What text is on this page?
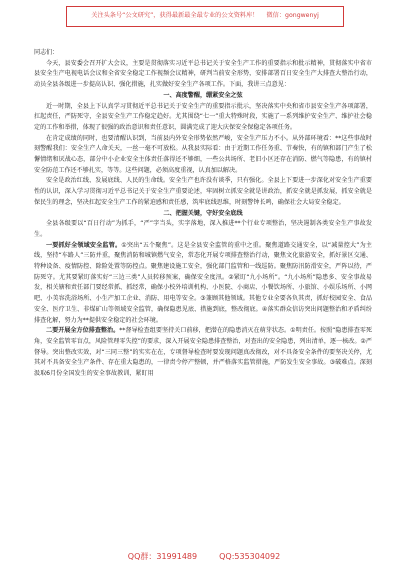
关注头条号“公文研究”，获得最新最全最专业的公文资料库！ 微信：gongwenyj

同志们：

今天，县安委会召开扩大会议，主要是贯彻落实习近平总书记关于安全生产工作的重要指示和批示精神，贯彻落实中省市县安全生产电视电话会议和全省安全稳定工作视频会议精神，研判当前安全形势，安排部署百日安全生产大排查大整治行动，动员全县各级进一步提高认识、强化措施，扎实做好安全生产各项工作。下面，我讲三点意见：

一、高度警醒，绷紧安全之弦

近一时期，全县上下认真学习贯彻近平总书记关于安全生产的重要指示批示，坚决落实中央和省市县安全生产各项部署，扛起责任，严防死守，全县安全生产工作稳定趋好。尤其围绕“七一”重大特殊时段，实施了一系列维护安全生产、维护社会稳定的工作和举措，体现了很强的政治意识和责任意识，圆满完成了迎大庆保安全保稳定各项任务。

在肯定成绩的同时，也要清醒认识到，当前县内外安全形势依然严峻，安全生产压力不小。从外部环境看：**这些事故时刻警醒我们：安全生产人命关天，一丝一毫不可放松。从我县实际看：由于近期工作任务重、节奏快，有的镇和部门产生了松懈情绪和厌战心态，部分中小企业安全主体责任落得还不够细，一些公共场所、老旧小区还存在消防、燃气等隐患，有的镇村安全防范工作还不够扎实，等等。这些问题，必须高度重视，认真加以解决。

安全是政治红线、发展底线、人民的生命线。安全生产也许没有谈季，只有强化。全县上下要进一步深化对安全生产重要性的认识，深入学习贯彻习近平总书记关于安全生产重要论述，牢固树立抓安全就是讲政治，抓安全就是抓发展，抓安全就是保民生的理念，坚决扛起安全生产工作的紧迫感和责任感，筑牢底线思维，时刻警钟长鸣，确保社会大局安全稳定。

二、把握关键，守好安全底线

全县各级要以“百日行动”为抓手，“严”字当头，实字落地，深入推进**个行业专项整治，坚决遏制各类安全生产事故发生。

一要抓好全领域安全监管。①突出“五个聚焦”。这是全县安全监管的重中之重。聚焦道路交通安全，以“减量控大”为主线，坚持“车路人”三防并重，聚焦消防和城镇燃气安全，常态化开展专项排查整治行动，聚焦文化旅游安全，抓好景区交通、特种设备、疫情防控、除险处置等防控点。聚焦建设施工安全，强化部门监管和一线巡防。聚焦防汛防滑安全，严阵以待，严防死守。尤其要紧盯落实好“三边三类”人员转移预案，确保安全度汛。②紧盯“九小场所”。“九小场所”隐患多、安全事故易发，相关辖和责任部门要经常抓、抓经常，确保小校外培训机构、小医院、小商店、小餐饮场所、小旅馆、小娱乐场所、小网吧、小美容洗浴场所、小生产加工企业、消防、用电等安全。③兼顾其他领域。其他专业全要各负其责，抓好校园安全、食品安全、医疗卫生、非煤矿山等领域安全监管，确保隐患见底、措施到底，整改彻底。④落实群众信访突出问题整治和矛盾纠纷排查化解，努力为**提供安全稳定的社会环境。

二要开展全方位排查整治。**督导检查组要坚持关口前移，把潜在的隐患消灭在萌芽状态。①明责任。按照“隐患排查零死角，安全监管零盲点，风险管理零失控”的要求，深入开展安全隐患排查整治，对查出的安全隐患，列出清单，逐一核改。②严督导。突出整改实效，对“三同三整”的实实在在，专项督导检查时要发现问题真改彻改，对不具备安全条件的要坚决关停，尤其对不具备安全生产条件、存在重大隐患的，一律责令停产整顿，并严格落实监管措施，严防发生安全事故。③破难点。深刻汲取6月份全国发生的安全事故教训，紧盯用

QQ群：31991489	QQ:535304092
